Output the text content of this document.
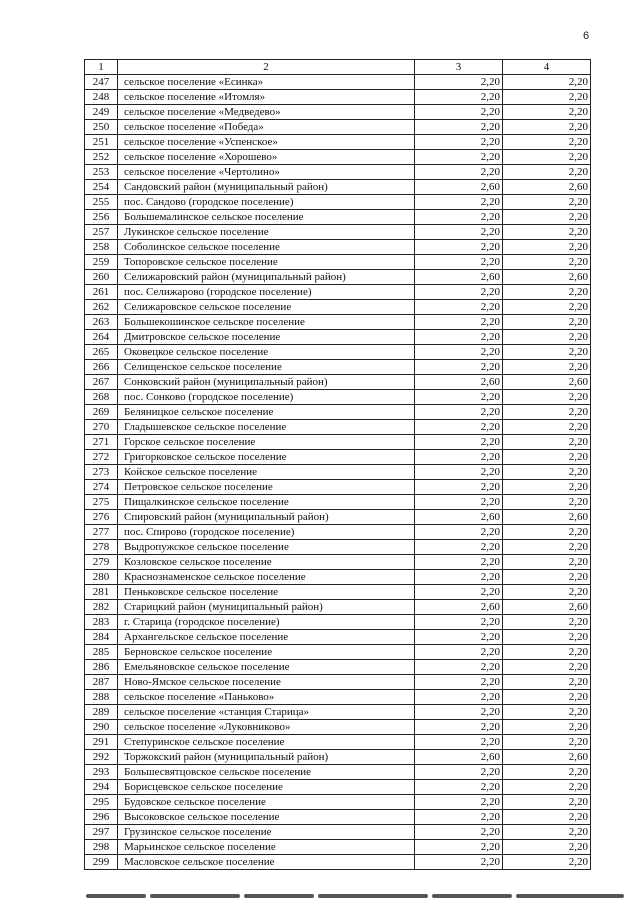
6
1	2	3	4
247	сельское поселение «Есинка»	2,20	2,20
248	сельское поселение «Итомля»	2,20	2,20
249	сельское поселение «Медведево»	2,20	2,20
250	сельское поселение «Победа»	2,20	2,20
251	сельское поселение «Успенское»	2,20	2,20
252	сельское поселение «Хорошево»	2,20	2,20
253	сельское поселение «Чертолино»	2,20	2,20
254	Сандовский район (муниципальный район)	2,60	2,60
255	пос. Сандово (городское поселение)	2,20	2,20
256	Большемалинское сельское поселение	2,20	2,20
257	Лукинское сельское поселение	2,20	2,20
258	Соболинское сельское поселение	2,20	2,20
259	Топоровское сельское поселение	2,20	2,20
260	Селижаровский район (муниципальный район)	2,60	2,60
261	пос. Селижарово (городское поселение)	2,20	2,20
262	Селижаровское сельское поселение	2,20	2,20
263	Большекошинское сельское поселение	2,20	2,20
264	Дмитровское сельское поселение	2,20	2,20
265	Оковецкое сельское поселение	2,20	2,20
266	Селищенское сельское поселение	2,20	2,20
267	Сонковский район (муниципальный район)	2,60	2,60
268	пос. Сонково (городское поселение)	2,20	2,20
269	Беляницкое сельское поселение	2,20	2,20
270	Гладышевское сельское поселение	2,20	2,20
271	Горское сельское поселение	2,20	2,20
272	Григорковское сельское поселение	2,20	2,20
273	Койское сельское поселение	2,20	2,20
274	Петровское сельское поселение	2,20	2,20
275	Пищалкинское сельское поселение	2,20	2,20
276	Спировский район (муниципальный район)	2,60	2,60
277	пос. Спирово (городское поселение)	2,20	2,20
278	Выдропужское сельское поселение	2,20	2,20
279	Козловское сельское поселение	2,20	2,20
280	Краснознаменское сельское поселение	2,20	2,20
281	Пеньковское сельское поселение	2,20	2,20
282	Старицкий район (муниципальный район)	2,60	2,60
283	г. Старица (городское поселение)	2,20	2,20
284	Архангельское сельское поселение	2,20	2,20
285	Берновское сельское поселение	2,20	2,20
286	Емельяновское сельское поселение	2,20	2,20
287	Ново-Ямское сельское поселение	2,20	2,20
288	сельское поселение «Паньково»	2,20	2,20
289	сельское поселение «станция Старица»	2,20	2,20
290	сельское поселение «Луковниково»	2,20	2,20
291	Степуринское сельское поселение	2,20	2,20
292	Торжокский район (муниципальный район)	2,60	2,60
293	Большесвятцовское сельское поселение	2,20	2,20
294	Борисцевское сельское поселение	2,20	2,20
295	Будовское сельское поселение	2,20	2,20
296	Высоковское сельское поселение	2,20	2,20
297	Грузинское сельское поселение	2,20	2,20
298	Марьинское сельское поселение	2,20	2,20
299	Масловское сельское поселение	2,20	2,20
